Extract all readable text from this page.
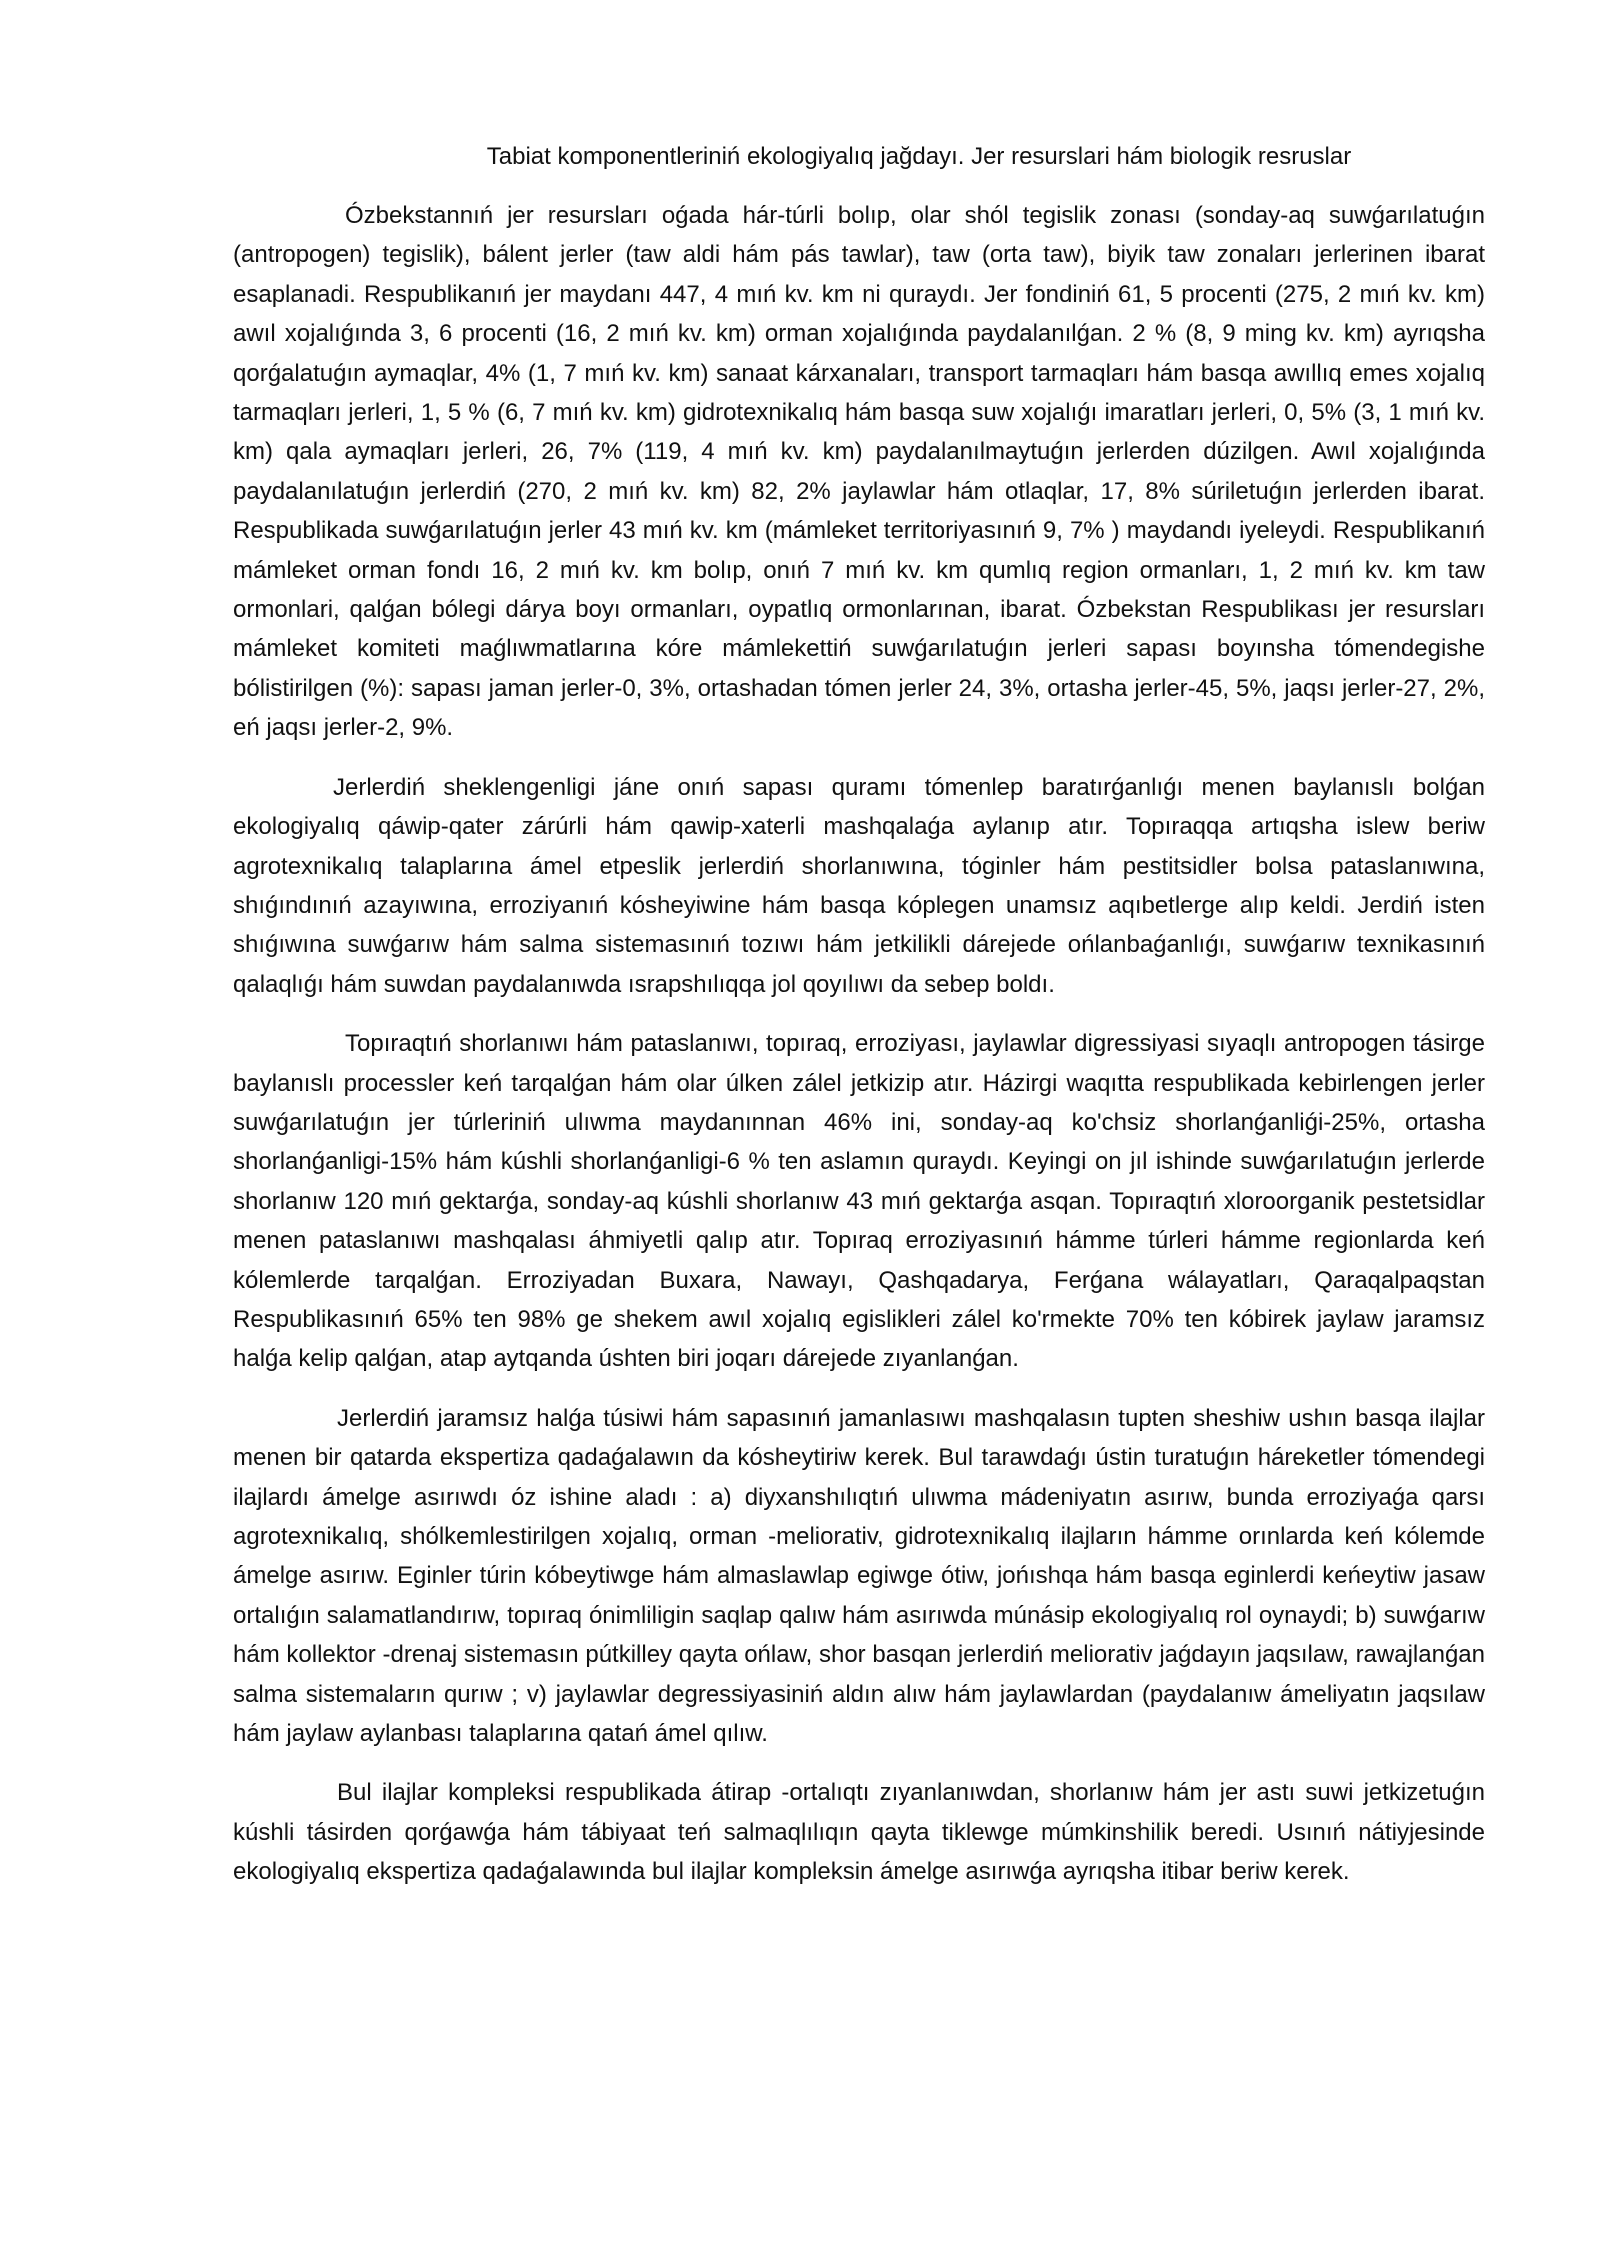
Tabiat komponentleriniń ekologiyalıq jağdayı. Jer resurslari hám biologik resruslar

Ózbekstannıń jer resursları oǵada hár-túrli bolıp, olar shól tegislik zonası (sonday-aq suwǵarılatuǵın (antropogen) tegislik), bálent jerler (taw aldi hám pás tawlar), taw (orta taw), biyik taw zonaları jerlerinen ibarat esaplanadi. Respublikanıń jer maydanı 447, 4 mıń kv. km ni quraydı. Jer fondiniń 61, 5 procenti (275, 2 mıń kv. km) awıl xojalıǵında 3, 6 procenti (16, 2 mıń kv. km) orman xojalıǵında paydalanılǵan. 2 % (8, 9 ming kv. km) ayrıqsha qorǵalatuǵın aymaqlar, 4% (1, 7 mıń kv. km) sanaat kárxanaları, transport tarmaqları hám basqa awıllıq emes xojalıq tarmaqları jerleri, 1, 5 % (6, 7 mıń kv. km) gidrotexnikalıq hám basqa suw xojalıǵı imaratları jerleri, 0, 5% (3, 1 mıń kv. km) qala aymaqları jerleri, 26, 7% (119, 4 mıń kv. km) paydalanılmaytuǵın jerlerden dúzilgen. Awıl xojalıǵında paydalanılatuǵın jerlerdiń (270, 2 mıń kv. km) 82, 2% jaylawlar hám otlaqlar, 17, 8% súriletuǵın jerlerden ibarat. Respublikada suwǵarılatuǵın jerler 43 mıń kv. km (mámleket territoriyasınıń 9, 7% ) maydandı iyeleydi. Respublikanıń mámleket orman fondı 16, 2 mıń kv. km bolıp, onıń 7 mıń kv. km qumlıq region ormanları, 1, 2 mıń kv. km taw ormonlari, qalǵan bólegi dárya boyı ormanları, oypatlıq ormonlarınan, ibarat. Ózbekstan Respublikası jer resursları mámleket komiteti maǵlıwmatlarına kóre mámlekettiń suwǵarılatuǵın jerleri sapası boyınsha tómendegishe bólistirilgen (%): sapası jaman jerler-0, 3%, ortashadan tómen jerler 24, 3%, ortasha jerler-45, 5%, jaqsı jerler-27, 2%, eń jaqsı jerler-2, 9%.

Jerlerdiń sheklengenligi jáne onıń sapası quramı tómenlep baratırǵanlıǵı menen baylanıslı bolǵan ekologiyalıq qáwip-qater zárúrli hám qawip-xaterli mashqalaǵa aylanıp atır. Topıraqqa artıqsha islew beriw agrotexnikalıq talaplarına ámel etpeslik jerlerdiń shorlanıwına, tóginler hám pestitsidler bolsa pataslanıwına, shıǵındınıń azayıwına, erroziyanıń kósheyiwine hám basqa kóplegen unamsız aqıbetlerge alıp keldi. Jerdiń isten shıǵıwına suwǵarıw hám salma sistemasınıń tozıwı hám jetkilikli dárejede ońlanbaǵanlıǵı, suwǵarıw texnikasınıń qalaqlıǵı hám suwdan paydalanıwda ısrapshılıqqa jol qoyılıwı da sebep boldı.

Topıraqtıń shorlanıwı hám pataslanıwı, topıraq, erroziyası, jaylawlar digressiyasi sıyaqlı antropogen tásirge baylanıslı processler keń tarqalǵan hám olar úlken zálel jetkizip atır. Házirgi waqıtta respublikada kebirlengen jerler suwǵarılatuǵın jer túrleriniń ulıwma maydanınnan 46% ini, sonday-aq ko'chsiz shorlanǵanliǵi-25%, ortasha shorlanǵanligi-15% hám kúshli shorlanǵanligi-6 % ten aslamın quraydı. Keyingi on jıl ishinde suwǵarılatuǵın jerlerde shorlanıw 120 mıń gektarǵa, sonday-aq kúshli shorlanıw 43 mıń gektarǵa asqan. Topıraqtıń xloroorganik pestetsidlar menen pataslanıwı mashqalası áhmiyetli qalıp atır. Topıraq erroziyasınıń hámme túrleri hámme regionlarda keń kólemlerde tarqalǵan. Erroziyadan Buxara, Nawayı, Qashqadarya, Ferǵana wálayatları, Qaraqalpaqstan Respublikasınıń 65% ten 98% ge shekem awıl xojalıq egislikleri zálel ko'rmekte 70% ten kóbirek jaylaw jaramsız halǵa kelip qalǵan, atap aytqanda úshten biri joqarı dárejede zıyanlanǵan.

Jerlerdiń jaramsız halǵa túsiwi hám sapasınıń jamanlasıwı mashqalasın tupten sheshiw ushın basqa ilajlar menen bir qatarda ekspertiza qadaǵalawın da kósheytiriw kerek. Bul tarawdaǵı ústin turatuǵın háreketler tómendegi ilajlardı ámelge asırıwdı óz ishine aladı : a) diyxanshılıqtıń ulıwma mádeniyatın asırıw, bunda erroziyaǵa qarsı agrotexnikalıq, shólkemlestirilgen xojalıq, orman -meliorativ, gidrotexnikalıq ilajların hámme orınlarda keń kólemde ámelge asırıw. Eginler túrin kóbeytiwge hám almaslawlap egiwge ótiw, jońıshqa hám basqa eginlerdi keńeytiw jasaw ortalıǵın salamatlandırıw, topıraq ónimliligin saqlap qalıw hám asırıwda múnásip ekologiyalıq rol oynaydi; b) suwǵarıw hám kollektor -drenaj sistemasın pútkilley qayta ońlaw, shor basqan jerlerdiń meliorativ jaǵdayın jaqsılaw, rawajlanǵan salma sistemaların qurıw ; v) jaylawlar degressiyasiniń aldın alıw hám jaylawlardan (paydalanıw ámeliyatın jaqsılaw hám jaylaw aylanbası talaplarına qatań ámel qılıw.

Bul ilajlar kompleksi respublikada átirap -ortalıqtı zıyanlanıwdan, shorlanıw hám jer astı suwi jetkizetuǵın kúshli tásirden qorǵawǵa hám tábiyaat teń salmaqlılıqın qayta tiklewge múmkinshilik beredi. Usınıń nátiyjesinde ekologiyalıq ekspertiza qadaǵalawında bul ilajlar kompleksin ámelge asırıwǵa ayrıqsha itibar beriw kerek.
